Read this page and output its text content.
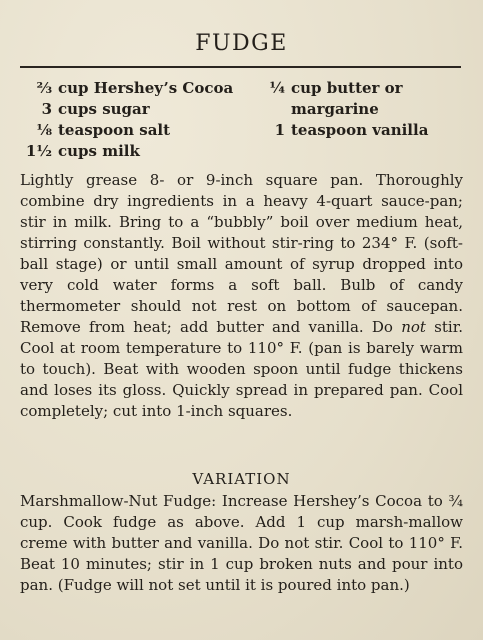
FUDGE
⅔ cup Hershey’s Cocoa
3 cups sugar
⅛ teaspoon salt
1½ cups milk
¼ cup butter or
margarine
1 teaspoon vanilla

Lightly grease 8- or 9-inch square pan. Thoroughly combine dry ingredients in a heavy 4-quart sauce-pan; stir in milk. Bring to a “bubbly” boil over medium heat, stirring constantly. Boil without stir-ring to 234° F. (soft-ball stage) or until small amount of syrup dropped into very cold water forms a soft ball. Bulb of candy thermometer should not rest on bottom of saucepan. Remove from heat; add butter and vanilla. Do not stir. Cool at room temperature to 110° F. (pan is barely warm to touch). Beat with wooden spoon until fudge thickens and loses its gloss. Quickly spread in prepared pan. Cool completely; cut into 1-inch squares.

VARIATION

Marshmallow-Nut Fudge: Increase Hershey’s Cocoa to ¾ cup. Cook fudge as above. Add 1 cup marsh-mallow creme with butter and vanilla. Do not stir. Cool to 110° F. Beat 10 minutes; stir in 1 cup broken nuts and pour into pan. (Fudge will not set until it is poured into pan.)
